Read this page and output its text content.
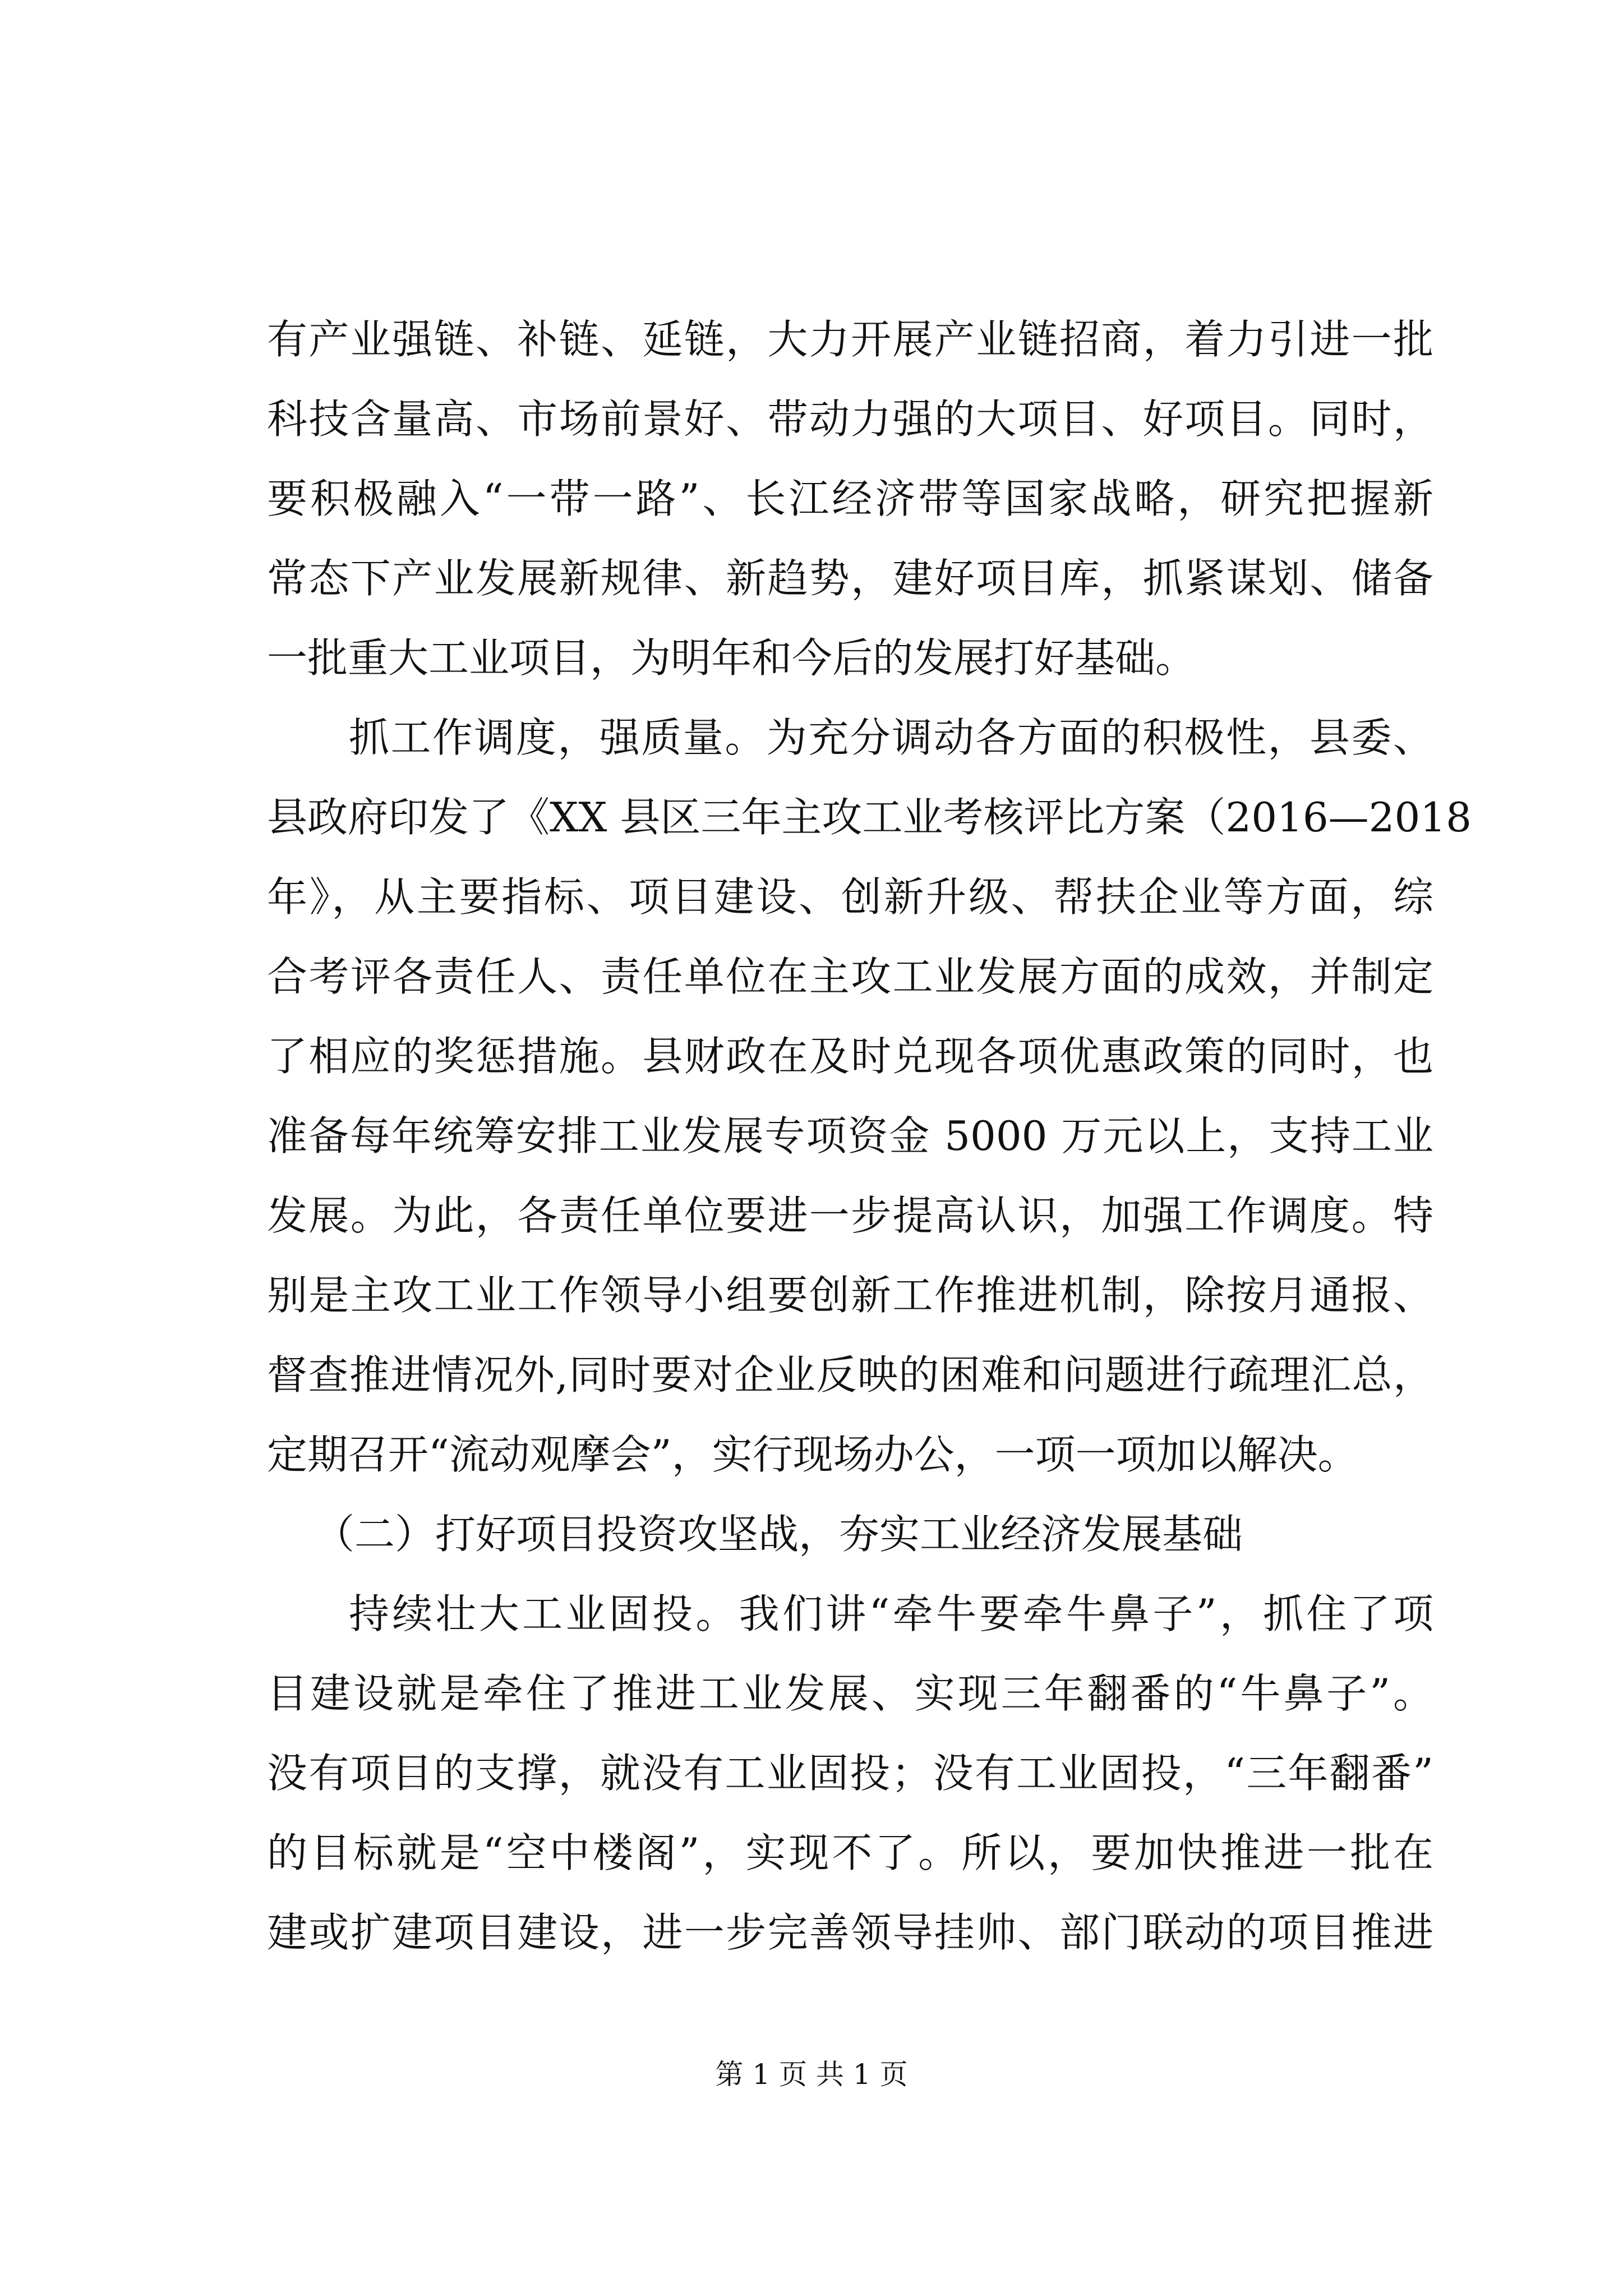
有产业强链、补链、延链，大力开展产业链招商，着力引进一批
科技含量高、市场前景好、带动力强的大项目、好项目。同时，
要积极融入“一带一路”、长江经济带等国家战略，研究把握新
常态下产业发展新规律、新趋势，建好项目库，抓紧谋划、储备
一批重大工业项目，为明年和今后的发展打好基础。
抓工作调度，强质量。为充分调动各方面的积极性，县委、
县政府印发了《XX 县区三年主攻工业考核评比方案（2016—2018
年》，从主要指标、项目建设、创新升级、帮扶企业等方面，综
合考评各责任人、责任单位在主攻工业发展方面的成效，并制定
了相应的奖惩措施。县财政在及时兑现各项优惠政策的同时，也
准备每年统筹安排工业发展专项资金 5000 万元以上，支持工业
发展。为此，各责任单位要进一步提高认识，加强工作调度。特
别是主攻工业工作领导小组要创新工作推进机制，除按月通报、
督查推进情况外,同时要对企业反映的困难和问题进行疏理汇总，
定期召开“流动观摩会”，实行现场办公，一项一项加以解决。
（二）打好项目投资攻坚战，夯实工业经济发展基础
持续壮大工业固投。我们讲“牵牛要牵牛鼻子”，抓住了项
目建设就是牵住了推进工业发展、实现三年翻番的“牛鼻子”。
没有项目的支撑，就没有工业固投；没有工业固投，“三年翻番”
的目标就是“空中楼阁”，实现不了。所以，要加快推进一批在
建或扩建项目建设，进一步完善领导挂帅、部门联动的项目推进
第 1 页 共 1 页
